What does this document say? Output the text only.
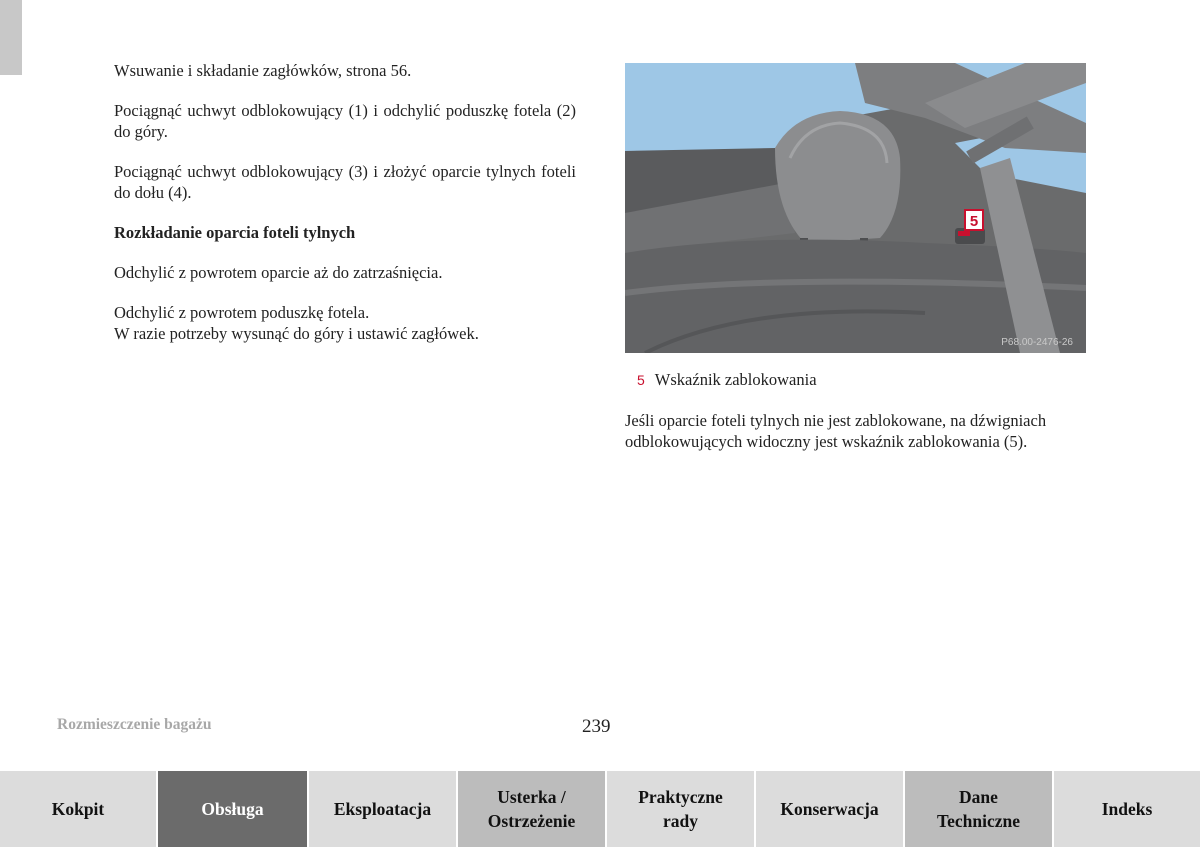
Wsuwanie i składanie zagłówków, strona 56.

Pociągnąć uchwyt odblokowujący (1) i odchylić poduszkę fotela (2) do góry.

Pociągnąć uchwyt odblokowujący (3) i złożyć oparcie tylnych foteli do dołu (4).

Rozkładanie oparcia foteli tylnych

Odchylić z powrotem oparcie aż do zatrzaśnięcia.

Odchylić z powrotem poduszkę fotela.
W razie potrzeby wysunąć do góry i ustawić zagłówek.

5
P68.00-2476-26
5 Wskaźnik zablokowania

Jeśli oparcie foteli tylnych nie jest zablokowane, na dźwigniach odblokowujących widoczny jest wskaźnik zablokowania (5).

Rozmieszczenie bagażu	239
Kokpit	Obsługa	Eksploatacja
Usterka /
Ostrzeżenie
Praktyczne
rady
Konserwacja
Dane
Techniczne
Indeks
